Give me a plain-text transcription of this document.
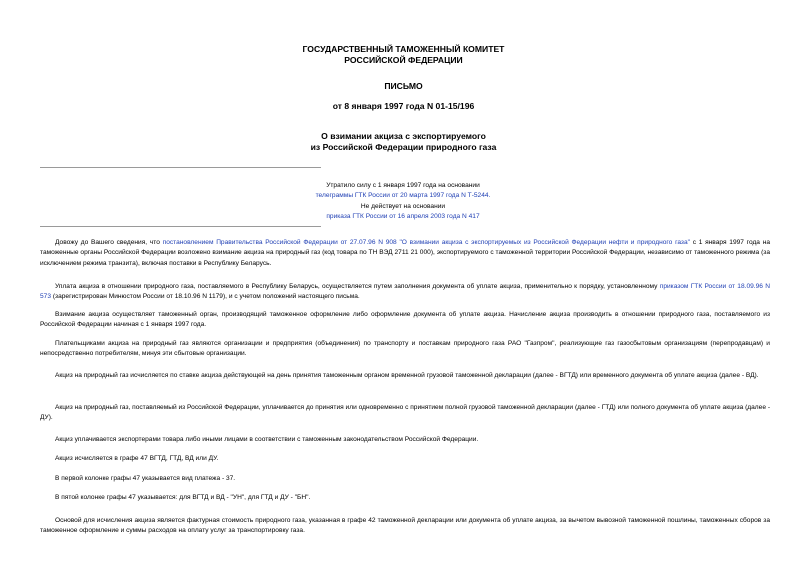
ГОСУДАРСТВЕННЫЙ ТАМОЖЕННЫЙ КОМИТЕТ
РОССИЙСКОЙ ФЕДЕРАЦИИ
ПИСЬМО
от 8 января 1997 года N 01-15/196
О взимании акциза с экспортируемого
из Российской Федерации природного газа
Утратило силу с 1 января 1997 года на основании
телеграммы ГТК России от 20 марта 1997 года N Т-5244.
Не действует на основании
приказа ГТК России от 16 апреля 2003 года N 417

Довожу до Вашего сведения, что постановлением Правительства Российской Федерации от 27.07.96 N 908 "О взимании акциза с экспортируемых из Российской Федерации нефти и природного газа" с 1 января 1997 года на таможенные органы Российской Федерации возложено взимание акциза на природный газ (код товара по ТН ВЭД 2711 21 000), экспортируемого с таможенной территории Российской Федерации, независимо от таможенного режима (за исключением режима транзита), включая поставки в Республику Беларусь.

Уплата акциза в отношении природного газа, поставляемого в Республику Беларусь, осуществляется путем заполнения документа об уплате акциза, применительно к порядку, установленному приказом ГТК России от 18.09.96 N 573 (зарегистрирован Минюстом России от 18.10.96 N 1179), и с учетом положений настоящего письма.

Взимание акциза осуществляет таможенный орган, производящий таможенное оформление либо оформление документа об уплате акциза. Начисление акциза производить в отношении природного газа, поставляемого из Российской Федерации начиная с 1 января 1997 года.

Плательщиками акциза на природный газ являются организации и предприятия (объединения) по транспорту и поставкам природного газа РАО "Газпром", реализующие газ газосбытовым организациям (перепродавцам) и непосредственно потребителям, минуя эти сбытовые организации.

Акциз на природный газ исчисляется по ставке акциза действующей на день принятия таможенным органом временной грузовой таможенной декларации (далее - ВГТД) или временного документа об уплате акциза (далее - ВД).

Акциз на природный газ, поставляемый из Российской Федерации, уплачивается до принятия или одновременно с принятием полной грузовой таможенной декларации (далее - ГТД) или полного документа об уплате акциза (далее - ДУ).

Акциз уплачивается экспортерами товара либо иными лицами в соответствии с таможенным законодательством Российской Федерации.

Акциз исчисляется в графе 47 ВГТД, ГТД, ВД или ДУ.

В первой колонке графы 47 указывается вид платежа - 37.

В пятой колонке графы 47 указывается: для ВГТД и ВД - "УН", для ГТД и ДУ - "БН".

Основой для исчисления акциза является фактурная стоимость природного газа, указанная в графе 42 таможенной декларации или документа об уплате акциза, за вычетом вывозной таможенной пошлины, таможенных сборов за таможенное оформление и суммы расходов на оплату услуг за транспортировку газа.
